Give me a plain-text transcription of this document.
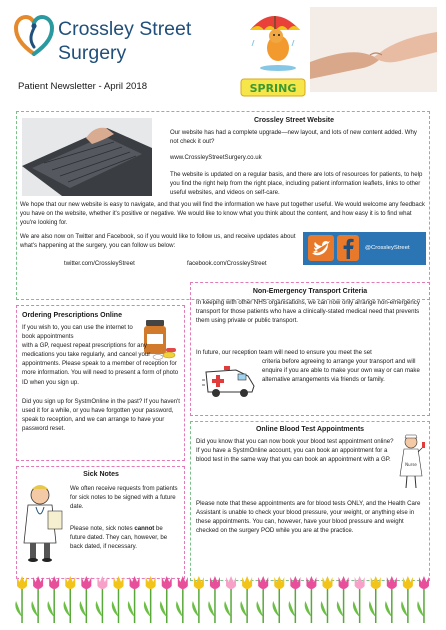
Crossley Street
Surgery
Patient Newsletter - April 2018	SPRING
Crossley Street Website
Our website has had a complete upgrade—new layout, and lots of new content added. Why not check it out?
www.CrossleyStreetSurgery.co.uk
The website is updated on a regular basis, and there are lots of resources for patients, to help you find the right help from the right place, including patient information leaflets, links to other useful websites, and videos on self-care.
We hope that our new website is easy to navigate, and that you will find the information we have put together useful. We would welcome any feedback you have on the website, whether it's positive or negative. We would like to know what you think about the content, and how easy it is to find what you're looking for.
We are also now on Twitter and Facebook, so if you would like to follow us, and receive updates about what's happening at the surgery, you can follow us below:
twitter.com/CrossleyStreet	facebook.com/CrossleyStreet
@CrossleyStreet
Ordering Prescriptions Online
If you wish to, you can use the internet to book appointments
with a GP, request repeat prescriptions for any medications you take regularly, and cancel your appointments. Please speak to a member of reception for more information. You will need to present a form of photo ID when you sign up.
Did you sign up for SystmOnline in the past? If you haven't used it for a while, or you have forgotten your password, speak to reception, and we can arrange to have your password reset.
Non-Emergency Transport Criteria
In keeping with other NHS organisations, we can now only arrange non-emergency transport for those patients who have a clinically-stated medical need that prevents them using private or public transport.
In future, our reception team will need to ensure you meet the set
criteria before agreeing to arrange your transport and will enquire if you are able to make your own way or can make alternative arrangements via friends or family.
Sick Notes
We often receive requests from patients for sick notes to be signed with a future date.
Please note, sick notes cannot be future dated. They can, however, be back dated, if necessary.
Online Blood Test Appointments
Nurse
Did you know that you can now book your blood test appointment online? If you have a SystmOnline account, you can book an appointment for a blood test in the same way that you can book an appointment with a GP.
Please note that these appointments are for blood tests ONLY, and the Health Care Assistant is unable to check your blood pressure, your weight, or anything else in these appointments. You can, however, have your blood pressure and weight checked on the surgery POD while you are at the practice.
